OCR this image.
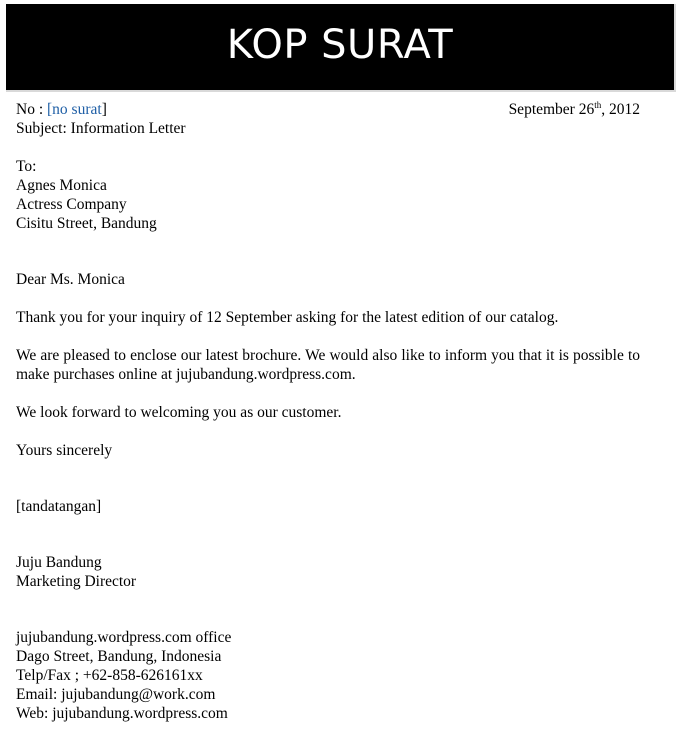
KOP SURAT
No : [no surat]	September 26th, 2012
Subject: Information Letter
To:
Agnes Monica
Actress Company
Cisitu Street, Bandung
Dear Ms. Monica
Thank you for your inquiry of 12 September asking for the latest edition of our catalog.
We are pleased to enclose our latest brochure. We would also like to inform you that it is possible to make purchases online at jujubandung.wordpress.com.
We look forward to welcoming you as our customer.
Yours sincerely
[tandatangan]
Juju Bandung
Marketing Director
jujubandung.wordpress.com office
Dago Street, Bandung, Indonesia
Telp/Fax ; +62-858-626161xx
Email: jujubandung@work.com
Web: jujubandung.wordpress.com
